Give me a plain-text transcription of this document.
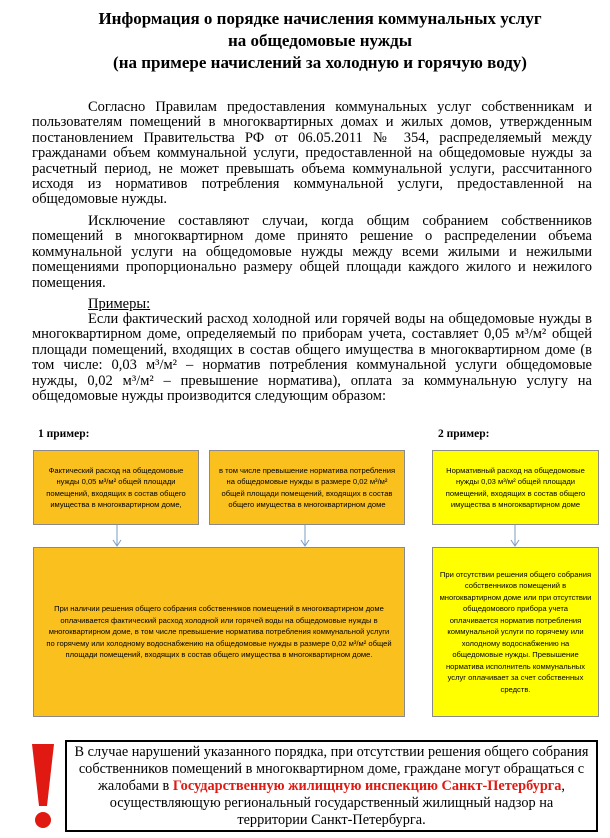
Информация о порядке начисления коммунальных услуг
на общедомовые нужды
(на примере начислений за холодную и горячую воду)

Согласно Правилам предоставления коммунальных услуг собственникам и пользователям помещений в многоквартирных домах и жилых домов, утвержденным постановлением Правительства РФ от 06.05.2011 № 354, распределяемый между гражданами объем коммунальной услуги, предоставленной на общедомовые нужды за расчетный период, не может превышать объема коммунальной услуги, рассчитанного исходя из нормативов потребления коммунальной услуги, предоставленной на общедомовые нужды.

Исключение составляют случаи, когда общим собранием собственников помещений в многоквартирном доме принято решение о распределении объема коммунальной услуги на общедомовые нужды между всеми жилыми и нежилыми помещениями пропорционально размеру общей площади каждого жилого и нежилого помещения.

Примеры:

Если фактический расход холодной или горячей воды на общедомовые нужды в многоквартирном доме, определяемый по приборам учета, составляет 0,05 м³/м² общей площади помещений, входящих в состав общего имущества в многоквартирном доме (в том числе: 0,03 м³/м² – норматив потребления коммунальной услуги общедомовые нужды, 0,02 м³/м² – превышение норматива), оплата за коммунальную услугу на общедомовые нужды производится следующим образом:

1 пример:	2 пример:
Фактический расход на общедомовые нужды 0,05 м³/м² общей площади помещений, входящих в состав общего имущества в многоквартирном доме,
в том числе превышение норматива потребления на общедомовые нужды в размере 0,02 м³/м² общей площади помещений, входящих в состав общего имущества в многоквартирном доме
Нормативный расход на общедомовые нужды 0,03 м³/м² общей площади помещений, входящих в состав общего имущества в многоквартирном доме
При наличии решения общего собрания собственников помещений в многоквартирном доме оплачивается фактический расход холодной или горячей воды на общедомовые нужды в многоквартирном доме, в том числе превышение норматива потребления коммунальной услуги по горячему или холодному водоснабжению на общедомовые нужды в размере 0,02 м³/м² общей площади помещений, входящих в состав общего имущества в многоквартирном доме.
При отсутствии решения общего собрания собственников помещений в многоквартирном доме или при отсутствии общедомового прибора учета оплачивается норматив потребления коммунальной услуги по горячему или холодному водоснабжению на общедомовые нужды. Превышение норматива исполнитель коммунальных услуг оплачивает за счет собственных средств.
В случае нарушений указанного порядка, при отсутствии решения общего собрания собственников помещений в многоквартирном доме, граждане могут обращаться с жалобами в Государственную жилищную инспекцию Санкт-Петербурга, осуществляющую региональный государственный жилищный надзор на территории Санкт-Петербурга.
